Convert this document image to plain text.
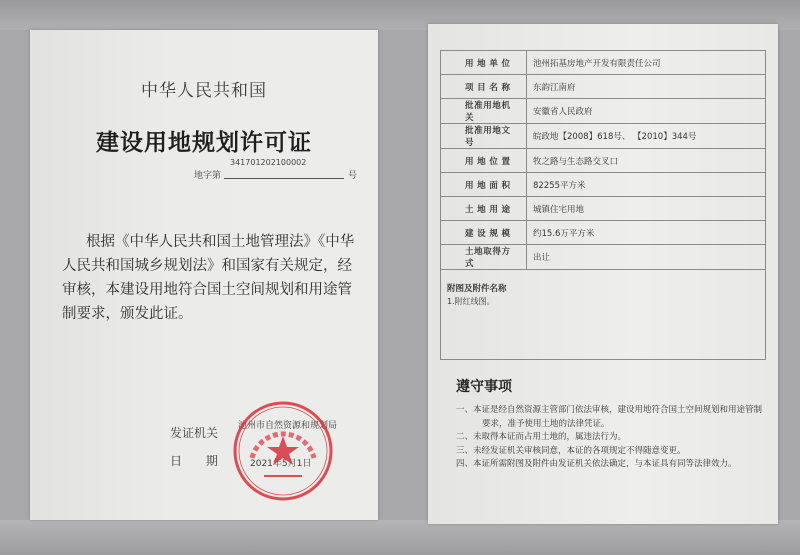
中华人民共和国
建设用地规划许可证
地字第
341701202100002
号

根据《中华人民共和国土地管理法》《中华人民共和国城乡规划法》和国家有关规定，经审核，本建设用地符合国土空间规划和用途管制要求，颁发此证。

发证机关 池州市自然资源和规划局
日 期	2021年5月1日
用地单位	池州拓基房地产开发有限责任公司
项目名称	东韵江南府
批准用地机关	安徽省人民政府
批准用地文号	皖政地【2008】618号、 【2010】344号
用地位置	牧之路与生态路交叉口
用地面积	82255平方米
土地用途	城镇住宅用地
建设规模	约15.6万平方米
土地取得方式	出让

附图及附件名称
1.附红线图。	
遵守事项
一、本证是经自然资源主管部门依法审核，建设用地符合国土空间规划和用途管制要求，准予使用土地的法律凭证。
二、未取得本证而占用土地的，属违法行为。
三、未经发证机关审核同意，本证的各项规定不得随意变更。
四、本证所需附图及附件由发证机关依法确定，与本证具有同等法律效力。
